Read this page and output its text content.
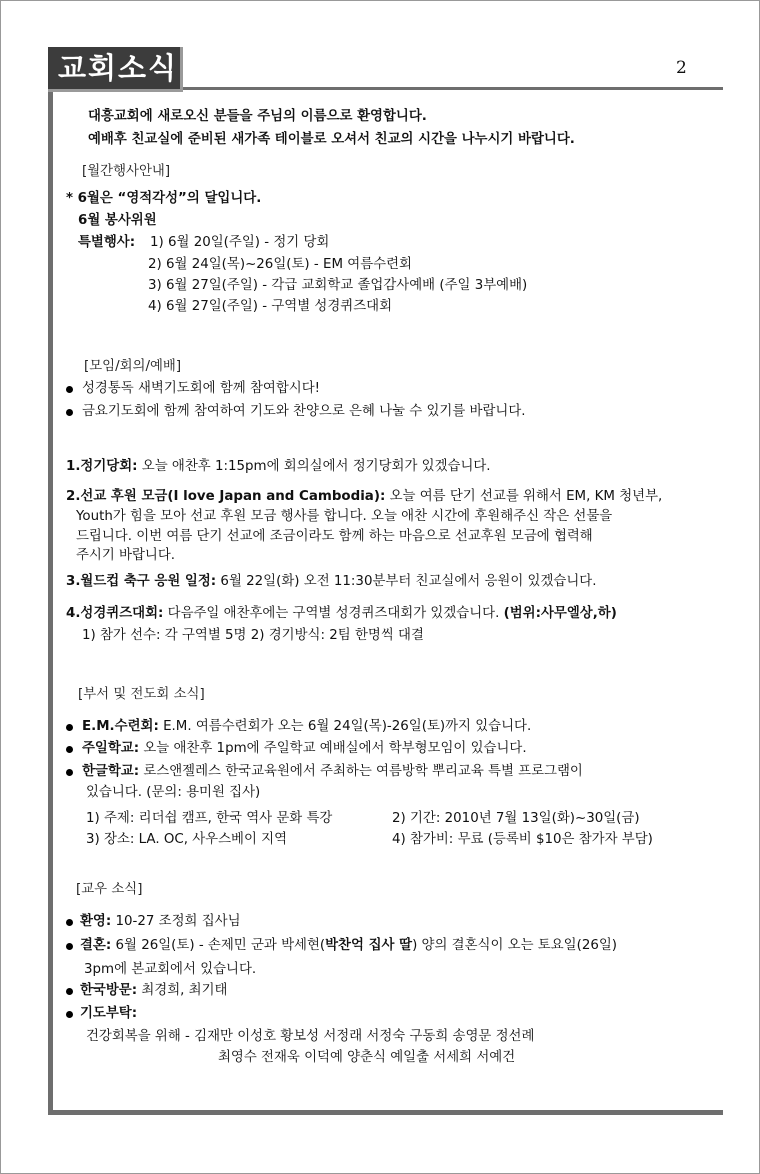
교회소식	2
대흥교회에 새로오신 분들을 주님의 이름으로 환영합니다.
예배후 친교실에 준비된 새가족 테이블로 오셔서 친교의 시간을 나누시기 바랍니다.
[월간행사안내]
* 6월은 “영적각성”의 달입니다.
6월 봉사위원
특별행사: 1) 6월 20일(주일) - 정기 당회
2) 6월 24일(목)~26일(토) - EM 여름수련회
3) 6월 27일(주일) - 각급 교회학교 졸업감사예배 (주일 3부예배)
4) 6월 27일(주일) - 구역별 성경퀴즈대회
[모임/회의/예배]
성경통독 새벽기도회에 함께 참여합시다!
금요기도회에 함께 참여하여 기도와 찬양으로 은혜 나눌 수 있기를 바랍니다.
1.정기당회: 오늘 애찬후 1:15pm에 회의실에서 정기당회가 있겠습니다.
2.선교 후원 모금(I love Japan and Cambodia): 오늘 여름 단기 선교를 위해서 EM, KM 청년부,
Youth가 힘을 모아 선교 후원 모금 행사를 합니다. 오늘 애찬 시간에 후원해주신 작은 선물을
드립니다. 이번 여름 단기 선교에 조금이라도 함께 하는 마음으로 선교후원 모금에 협력해
주시기 바랍니다.
3.월드컵 축구 응원 일정: 6월 22일(화) 오전 11:30분부터 친교실에서 응원이 있겠습니다.
4.성경퀴즈대회: 다음주일 애찬후에는 구역별 성경퀴즈대회가 있겠습니다. (범위:사무엘상,하)
1) 참가 선수: 각 구역별 5명 2) 경기방식: 2팀 한명씩 대결
[부서 및 전도회 소식]
E.M.수련회: E.M. 여름수련회가 오는 6월 24일(목)-26일(토)까지 있습니다.
주일학교: 오늘 애찬후 1pm에 주일학교 예배실에서 학부형모임이 있습니다.
한글학교: 로스앤젤레스 한국교육원에서 주최하는 여름방학 뿌리교육 특별 프로그램이
있습니다. (문의: 용미원 집사)
1) 주제: 리더쉽 캠프, 한국 역사 문화 특강	2) 기간: 2010년 7월 13일(화)~30일(금)
3) 장소: LA. OC, 사우스베이 지역	4) 참가비: 무료 (등록비 $10은 참가자 부담)
[교우 소식]
환영: 10-27 조정희 집사님
결혼: 6월 26일(토) - 손제민 군과 박세현(박찬억 집사 딸) 양의 결혼식이 오는 토요일(26일)
3pm에 본교회에서 있습니다.
한국방문: 최경희, 최기태
기도부탁:
건강회복을 위해 - 김재만 이성호 황보성 서정래 서정숙 구동희 송영문 정선례
최영수 전재욱 이덕예 양춘식 예일출 서세희 서예건
